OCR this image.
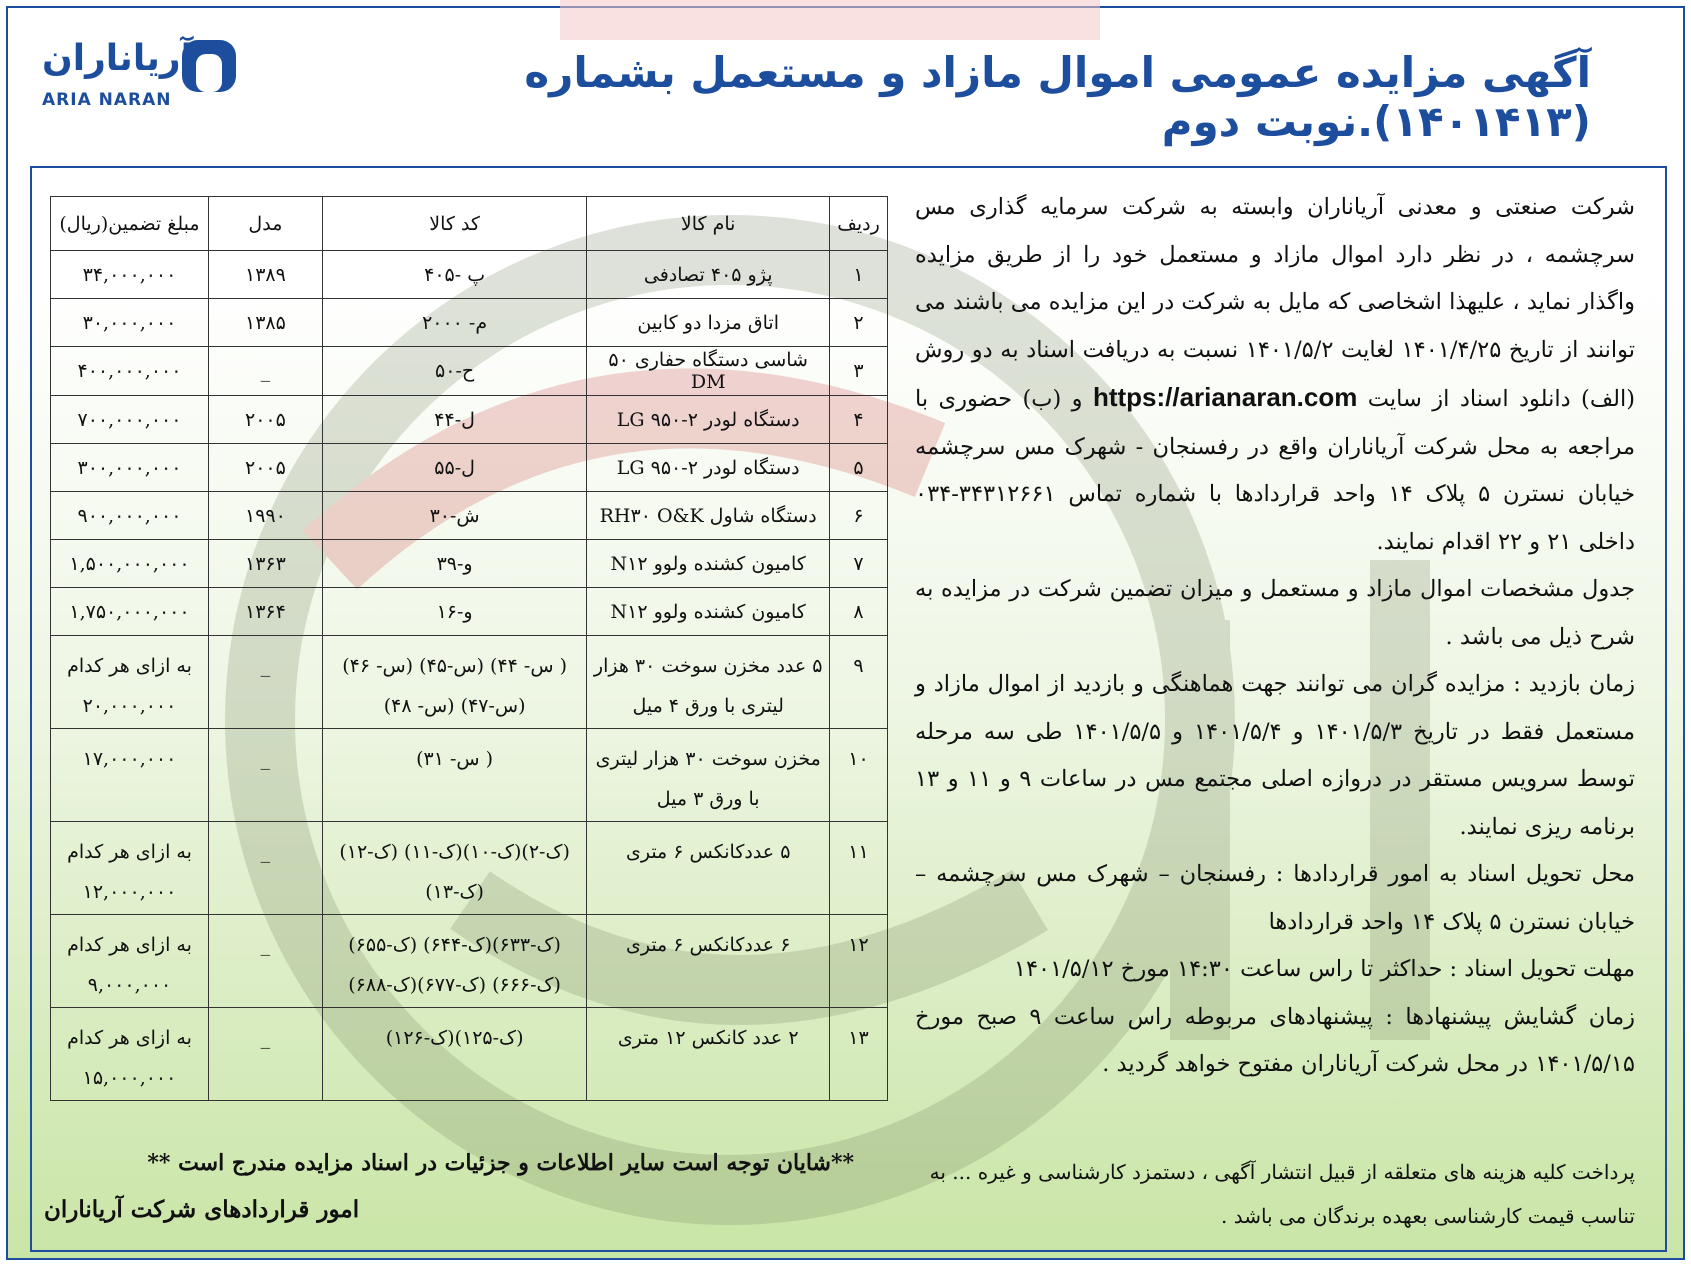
آریاناران
ARIA NARAN
آگهی مزایده عمومی اموال مازاد و مستعمل بشماره (۱۴۰۱۴۱۳).نوبت دوم

شرکت صنعتی و معدنی آریاناران وابسته به شرکت سرمایه گذاری مس سرچشمه ، در نظر دارد اموال مازاد و مستعمل خود را از طریق مزایده واگذار نماید ، علیهذا اشخاصی که مایل به شرکت در این مزایده می باشند می توانند از تاریخ ۱۴۰۱/۴/۲۵ لغایت ۱۴۰۱/۵/۲ نسبت به دریافت اسناد به دو روش (الف) دانلود اسناد از سایت https://arianaran.com و (ب) حضوری با مراجعه به محل شرکت آریاناران واقع در رفسنجان - شهرک مس سرچشمه خیابان نسترن ۵ پلاک ۱۴ واحد قراردادها با شماره تماس ۳۴۳۱۲۶۶۱-۰۳۴ داخلی ۲۱ و ۲۲ اقدام نمایند.

جدول مشخصات اموال مازاد و مستعمل و میزان تضمین شرکت در مزایده به شرح ذیل می باشد .

زمان بازدید : مزایده گران می توانند جهت هماهنگی و بازدید از اموال مازاد و مستعمل فقط در تاریخ ۱۴۰۱/۵/۳ و ۱۴۰۱/۵/۴ و ۱۴۰۱/۵/۵ طی سه مرحله توسط سرویس مستقر در دروازه اصلی مجتمع مس در ساعات ۹ و ۱۱ و ۱۳ برنامه ریزی نمایند.

محل تحویل اسناد به امور قراردادها : رفسنجان – شهرک مس سرچشمه – خیابان نسترن ۵ پلاک ۱۴ واحد قراردادها

مهلت تحویل اسناد : حداکثر تا راس ساعت ۱۴:۳۰ مورخ ۱۴۰۱/۵/۱۲

زمان گشایش پیشنهادها : پیشنهادهای مربوطه راس ساعت ۹ صبح مورخ ۱۴۰۱/۵/۱۵ در محل شرکت آریاناران مفتوح خواهد گردید .

پرداخت کلیه هزینه های متعلقه از قبیل انتشار آگهی ، دستمزد کارشناسی و غیره ... به تناسب قیمت کارشناسی بعهده برندگان می باشد .
ردیف	نام کالا	کد کالا	مدل	مبلغ تضمین(ریال)
۱	پژو ۴۰۵ تصادفی	پ -۴۰۵	۱۳۸۹	۳۴,۰۰۰,۰۰۰
۲	اتاق مزدا دو کابین	م- ۲۰۰۰	۱۳۸۵	۳۰,۰۰۰,۰۰۰
۳	شاسی دستگاه حفاری ۵۰ DM	ح-۵۰	_	۴۰۰,۰۰۰,۰۰۰
۴	دستگاه لودر ۲-۹۵۰ LG	ل-۴۴	۲۰۰۵	۷۰۰,۰۰۰,۰۰۰
۵	دستگاه لودر ۲-۹۵۰ LG	ل-۵۵	۲۰۰۵	۳۰۰,۰۰۰,۰۰۰
۶	دستگاه شاول RH۳۰ O&K	ش-۳۰	۱۹۹۰	۹۰۰,۰۰۰,۰۰۰
۷	کامیون کشنده ولوو N۱۲	و-۳۹	۱۳۶۳	۱,۵۰۰,۰۰۰,۰۰۰
۸	کامیون کشنده ولوو N۱۲	و-۱۶	۱۳۶۴	۱,۷۵۰,۰۰۰,۰۰۰
۹	۵ عدد مخزن سوخت ۳۰ هزار لیتری با ورق ۴ میل	( س- ۴۴) (س-۴۵) (س- ۴۶) (س-۴۷) (س- ۴۸)	_	به ازای هر کدام ۲۰,۰۰۰,۰۰۰
۱۰	مخزن سوخت ۳۰ هزار لیتری با ورق ۳ میل	( س- ۳۱)	_	۱۷,۰۰۰,۰۰۰
۱۱	۵ عددکانکس ۶ متری	(ک-۲)(ک-۱۰)(ک-۱۱) (ک-۱۲)(ک-۱۳)	_	به ازای هر کدام ۱۲,۰۰۰,۰۰۰
۱۲	۶ عددکانکس ۶ متری	(ک-۶۳۳)(ک-۶۴۴) (ک-۶۵۵)(ک-۶۶۶) (ک-۶۷۷)(ک-۶۸۸)	_	به ازای هر کدام ۹,۰۰۰,۰۰۰
۱۳	۲ عدد کانکس ۱۲ متری	(ک-۱۲۵)(ک-۱۲۶)	_	به ازای هر کدام ۱۵,۰۰۰,۰۰۰
**شایان توجه است سایر اطلاعات و جزئیات در اسناد مزایده مندرج است **
امور قراردادهای شرکت آریاناران
